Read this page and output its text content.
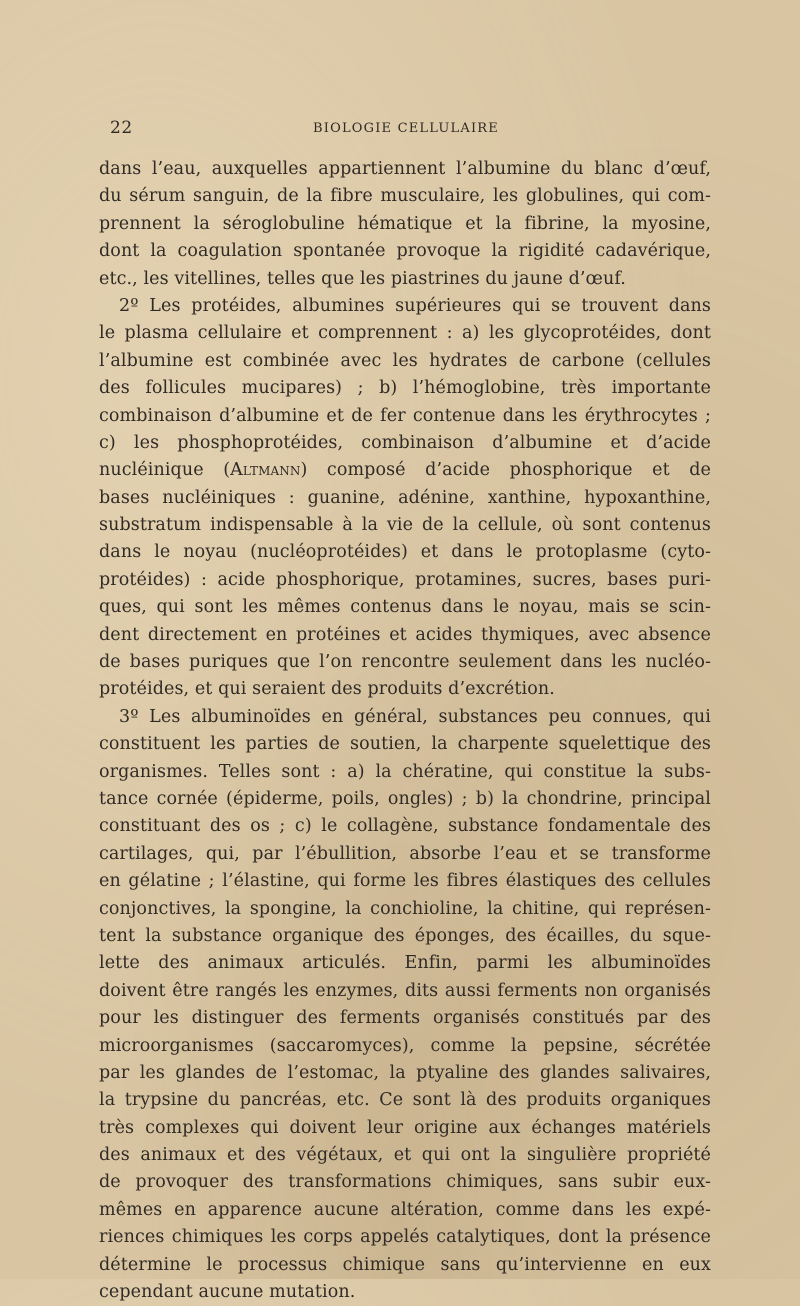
22	BIOLOGIE CELLULAIRE
dans l’eau, auxquelles appartiennent l’albumine du blanc d’œuf,
du sérum sanguin, de la fibre musculaire, les globulines, qui com-
prennent la séroglobuline hématique et la fibrine, la myosine,
dont la coagulation spontanée provoque la rigidité cadavérique,
etc., les vitellines, telles que les piastrines du jaune d’œuf.
2º Les protéides, albumines supérieures qui se trouvent dans
le plasma cellulaire et comprennent : a) les glycoprotéides, dont
l’albumine est combinée avec les hydrates de carbone (cellules
des follicules mucipares) ; b) l’hémoglobine, très importante
combinaison d’albumine et de fer contenue dans les érythrocytes ;
c) les phosphoprotéides, combinaison d’albumine et d’acide
nucléinique (Altmann) composé d’acide phosphorique et de
bases nucléiniques : guanine, adénine, xanthine, hypoxanthine,
substratum indispensable à la vie de la cellule, où sont contenus
dans le noyau (nucléoprotéides) et dans le protoplasme (cyto-
protéides) : acide phosphorique, protamines, sucres, bases puri-
ques, qui sont les mêmes contenus dans le noyau, mais se scin-
dent directement en protéines et acides thymiques, avec absence
de bases puriques que l’on rencontre seulement dans les nucléo-
protéides, et qui seraient des produits d’excrétion.
3º Les albuminoïdes en général, substances peu connues, qui
constituent les parties de soutien, la charpente squelettique des
organismes. Telles sont : a) la chératine, qui constitue la subs-
tance cornée (épiderme, poils, ongles) ; b) la chondrine, principal
constituant des os ; c) le collagène, substance fondamentale des
cartilages, qui, par l’ébullition, absorbe l’eau et se transforme
en gélatine ; l’élastine, qui forme les fibres élastiques des cellules
conjonctives, la spongine, la conchioline, la chitine, qui représen-
tent la substance organique des éponges, des écailles, du sque-
lette des animaux articulés. Enfin, parmi les albuminoïdes
doivent être rangés les enzymes, dits aussi ferments non organisés
pour les distinguer des ferments organisés constitués par des
microorganismes (saccaromyces), comme la pepsine, sécrétée
par les glandes de l’estomac, la ptyaline des glandes salivaires,
la trypsine du pancréas, etc. Ce sont là des produits organiques
très complexes qui doivent leur origine aux échanges matériels
des animaux et des végétaux, et qui ont la singulière propriété
de provoquer des transformations chimiques, sans subir eux-
mêmes en apparence aucune altération, comme dans les expé-
riences chimiques les corps appelés catalytiques, dont la présence
détermine le processus chimique sans qu’intervienne en eux
cependant aucune mutation.
